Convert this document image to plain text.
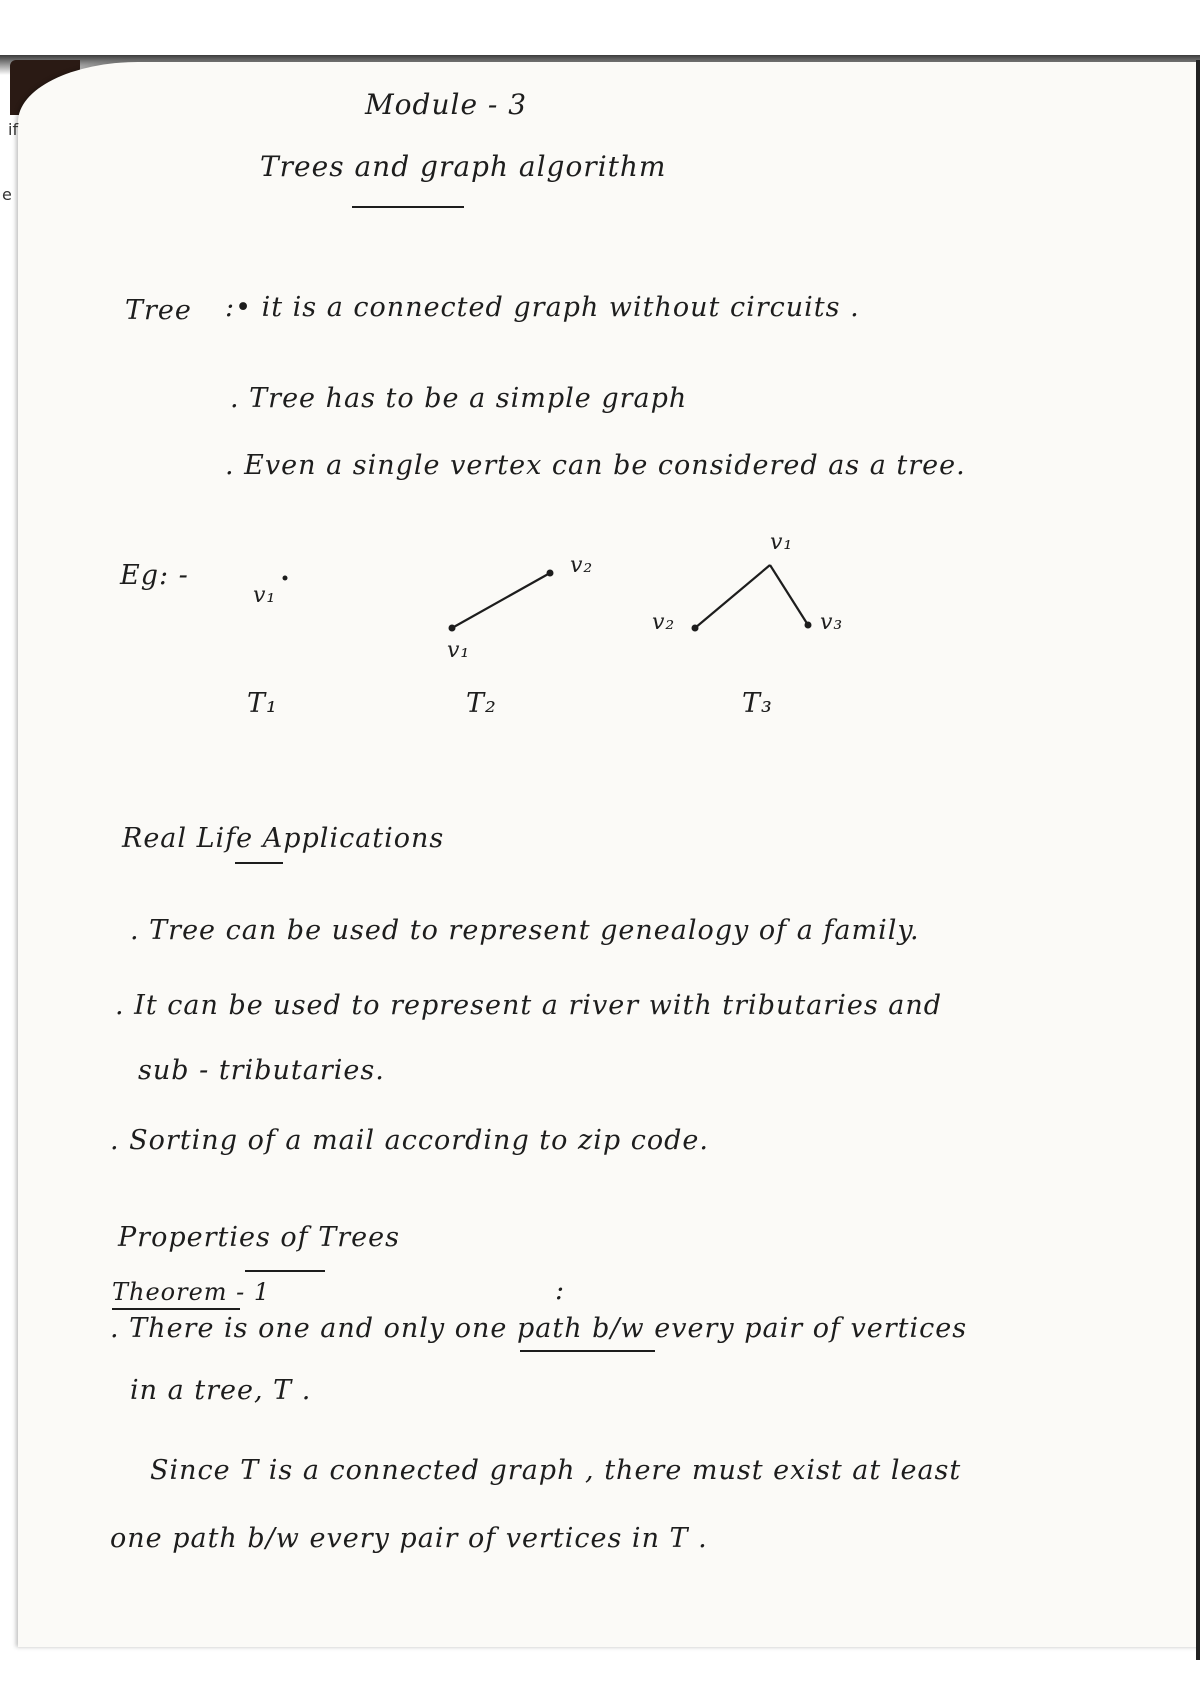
if
e
Module - 3
Trees and graph algorithm
Tree :• it is a connected graph without circuits .
. Tree has to be a simple graph
. Even a single vertex can be considered as a tree.
Eg: -
v₁
v₁
v₂
v₁
v₂	v₃
T₁	T₂	T₃
Real Life Applications
. Tree can be used to represent genealogy of a family.
. It can be used to represent a river with tributaries and
sub - tributaries.
. Sorting of a mail according to zip code.
Properties of Trees
Theorem - 1	:
. There is one and only one path b/w every pair of vertices
in a tree, T .
Since T is a connected graph , there must exist at least
one path b/w every pair of vertices in T .
